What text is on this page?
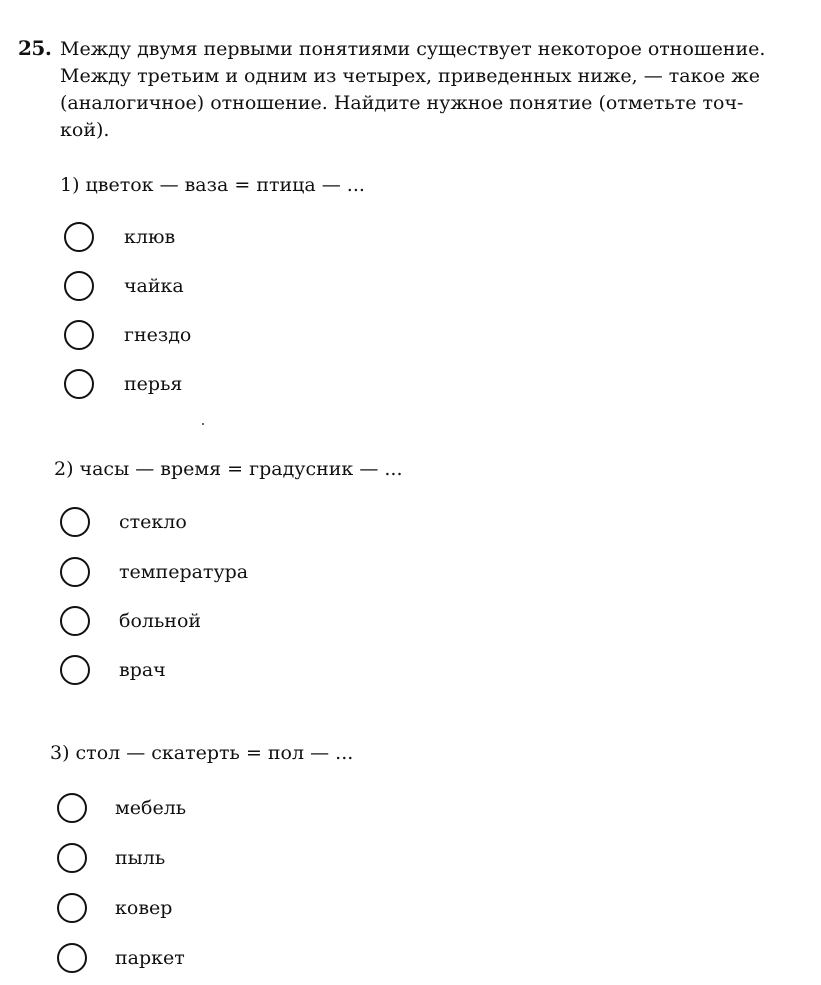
25. Между двумя первыми понятиями существует некоторое отношение.
Между третьим и одним из четырех, приведенных ниже, — такое же
(аналогичное) отношение. Найдите нужное понятие (отметьте точ-
кой).
1) цветок — ваза = птица — ...
клюв
чайка
гнездо
перья
2) часы — время = градусник — ...
стекло
температура
больной
врач
3) стол — скатерть = пол — ...
мебель
пыль
ковер
паркет
